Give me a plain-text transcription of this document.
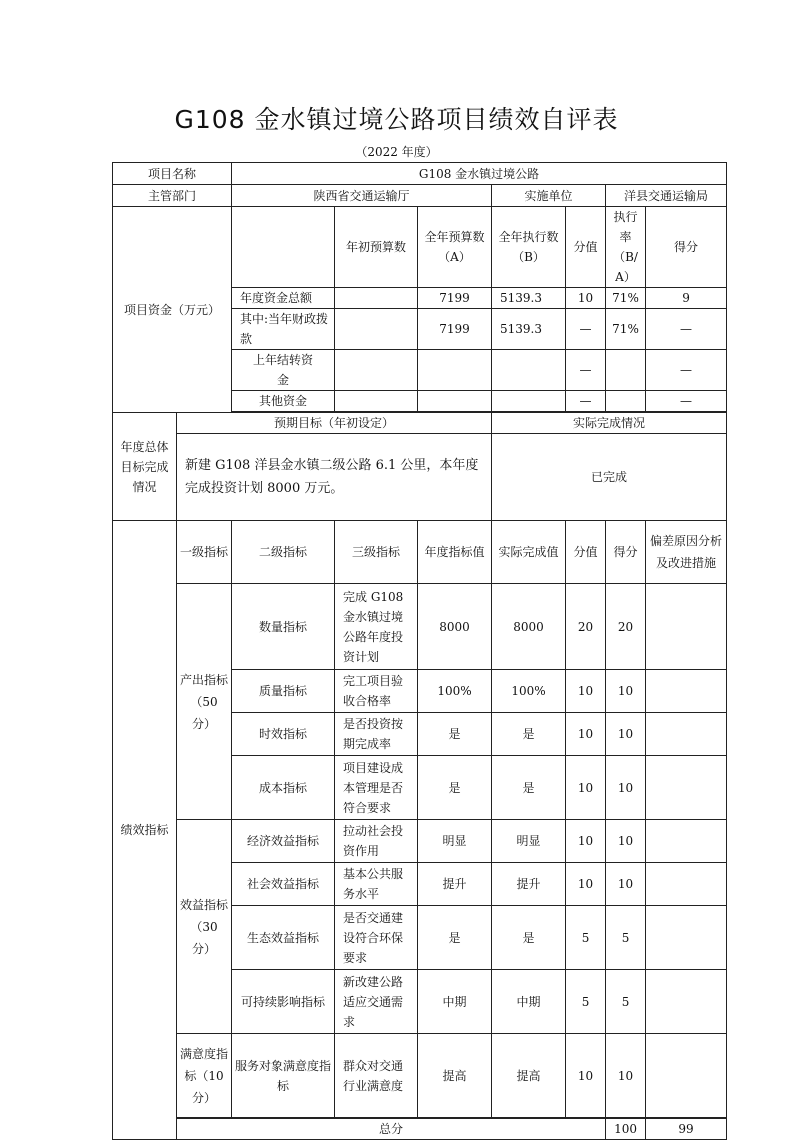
G108 金水镇过境公路项目绩效自评表

（2022 年度）

项目名称		G108 金水镇过境公路							
主管部门		陕西省交通运输厅			实施单位		洋县交通运输局		
项目资金（万元）			年初预算数	全年预算数（A）	全年执行数（B）	分值	执行率（B/A）	得分	
		年度资金总额		7199	5139.3	10	71%	9	
		其中:当年财政拨款		7199	5139.3	—	71%	—	
		上年结转资金				—		—	
		其他资金				—		—	

年度总体目标完成情况	预期目标（年初设定）				实际完成情况				
	新建 G108 洋县金水镇二级公路 6.1 公里，本年度完成投资计划 8000 万元。				已完成				
绩效指标	一级指标	二级指标	三级指标	年度指标值	实际完成值	分值	得分	偏差原因分析及改进措施	
	产出指标（50 分）	数量指标	完成 G108 金水镇过境公路年度投资计划	8000	8000	20	20		
		质量指标	完工项目验收合格率	100%	100%	10	10		
		时效指标	是否投资按期完成率	是	是	10	10		
		成本指标	项目建设成本管理是否符合要求	是	是	10	10		
	效益指标（30 分）	经济效益指标	拉动社会投资作用	明显	明显	10	10		
		社会效益指标	基本公共服务水平	提升	提升	10	10		
		生态效益指标	是否交通建设符合环保要求	是	是	5	5		
		可持续影响指标	新改建公路适应交通需求	中期	中期	5	5		
	满意度指标（10 分）	服务对象满意度指标	群众对交通行业满意度	提高	提高	10	10		

	总分						100	99	
